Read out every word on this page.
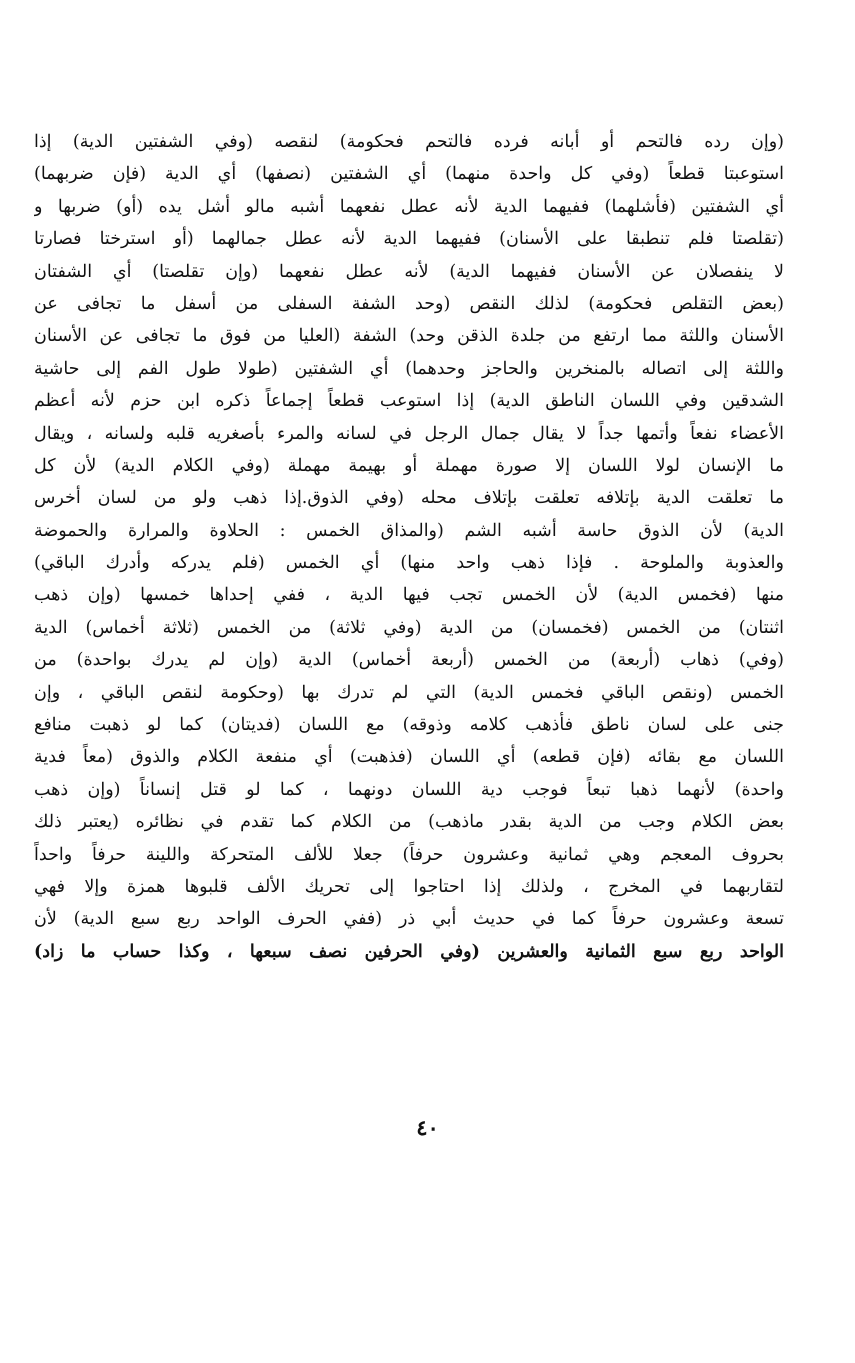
(وإن رده فالتحم أو أبانه فرده فالتحم فحكومة) لنقصه (وفي الشفتين الدية) إذا
استوعبتا قطعاً (وفي كل واحدة منهما) أي الشفتين (نصفها) أي الدية (فإن ضربهما)
أي الشفتين (فأشلهما) ففيهما الدية لأنه عطل نفعهما أشبه مالو أشل يده (أو) ضربها و
(تقلصتا فلم تنطبقا على الأسنان) ففيهما الدية لأنه عطل جمالهما (أو استرختا فصارتا
لا ينفصلان عن الأسنان ففيهما الدية) لأنه عطل نفعهما (وإن تقلصتا) أي الشفتان
(بعض التقلص فحكومة) لذلك النقص (وحد الشفة السفلى من أسفل ما تجافى عن
الأسنان واللثة مما ارتفع من جلدة الذقن وحد) الشفة (العليا من فوق ما تجافى عن الأسنان
واللثة إلى اتصاله بالمنخرين والحاجز وحدهما) أي الشفتين (طولا طول الفم إلى حاشية
الشدقين وفي اللسان الناطق الدية) إذا استوعب قطعاً إجماعاً ذكره ابن حزم لأنه أعظم
الأعضاء نفعاً وأتمها جداً لا يقال جمال الرجل في لسانه والمرء بأصغريه قلبه ولسانه ، ويقال
ما الإنسان لولا اللسان إلا صورة مهملة أو بهيمة مهملة (وفي الكلام الدية) لأن كل
ما تعلقت الدية بإتلافه تعلقت بإتلاف محله (وفي الذوق.إذا ذهب ولو من لسان أخرس
الدية) لأن الذوق حاسة أشبه الشم (والمذاق الخمس : الحلاوة والمرارة والحموضة
والعذوبة والملوحة . فإذا ذهب واحد منها) أي الخمس (فلم يدركه وأدرك الباقي)
منها (فخمس الدية) لأن الخمس تجب فيها الدية ، ففي إحداها خمسها (وإن ذهب
اثنتان) من الخمس (فخمسان) من الدية (وفي ثلاثة) من الخمس (ثلاثة أخماس) الدية
(وفي) ذهاب (أربعة) من الخمس (أربعة أخماس) الدية (وإن لم يدرك بواحدة) من
الخمس (ونقص الباقي فخمس الدية) التي لم تدرك بها (وحكومة لنقص الباقي ، وإن
جنى على لسان ناطق فأذهب كلامه وذوقه) مع اللسان (فديتان) كما لو ذهبت منافع
اللسان مع بقائه (فإن قطعه) أي اللسان (فذهبت) أي منفعة الكلام والذوق (معاً فدية
واحدة) لأنهما ذهبا تبعاً فوجب دية اللسان دونهما ، كما لو قتل إنساناً (وإن ذهب
بعض الكلام وجب من الدية بقدر ماذهب) من الكلام كما تقدم في نظائره (يعتبر ذلك
بحروف المعجم وهي ثمانية وعشرون حرفاً) جعلا للألف المتحركة واللينة حرفاً واحداً
لتقاربهما في المخرج ، ولذلك إذا احتاجوا إلى تحريك الألف قلبوها همزة وإلا فهي
تسعة وعشرون حرفاً كما في حديث أبي ذر (ففي الحرف الواحد ربع سبع الدية) لأن
الواحد ربع سبع الثمانية والعشرين (وفي الحرفين نصف سبعها ، وكذا حساب ما زاد)
٤٠
